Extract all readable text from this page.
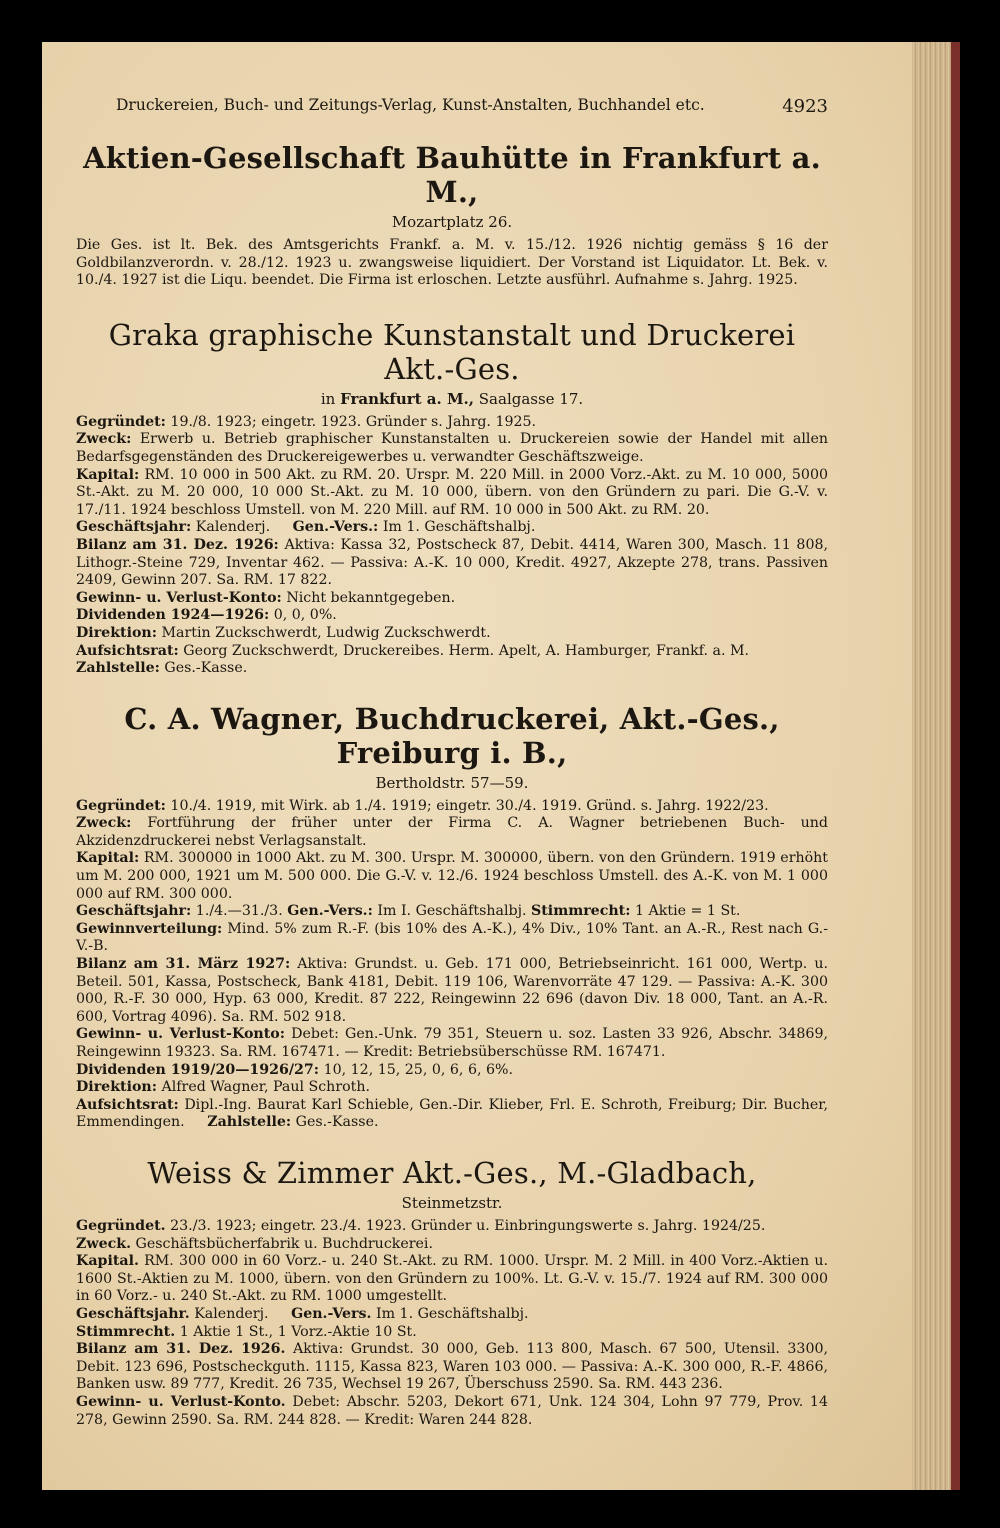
Druckereien, Buch- und Zeitungs-Verlag, Kunst-Anstalten, Buchhandel etc.	4923
Aktien-Gesellschaft Bauhütte in Frankfurt a. M.,
Mozartplatz 26.

Die Ges. ist lt. Bek. des Amtsgerichts Frankf. a. M. v. 15./12. 1926 nichtig gemäss § 16 der Goldbilanzverordn. v. 28./12. 1923 u. zwangsweise liquidiert. Der Vorstand ist Liquidator. Lt. Bek. v. 10./4. 1927 ist die Liqu. beendet. Die Firma ist erloschen. Letzte ausführl. Aufnahme s. Jahrg. 1925.

Graka graphische Kunstanstalt und Druckerei Akt.-Ges.
in Frankfurt a. M., Saalgasse 17.

Gegründet: 19./8. 1923; eingetr. 1923. Gründer s. Jahrg. 1925.

Zweck: Erwerb u. Betrieb graphischer Kunstanstalten u. Druckereien sowie der Handel mit allen Bedarfsgegenständen des Druckereigewerbes u. verwandter Geschäftszweige.

Kapital: RM. 10 000 in 500 Akt. zu RM. 20. Urspr. M. 220 Mill. in 2000 Vorz.-Akt. zu M. 10 000, 5000 St.-Akt. zu M. 20 000, 10 000 St.-Akt. zu M. 10 000, übern. von den Gründern zu pari. Die G.-V. v. 17./11. 1924 beschloss Umstell. von M. 220 Mill. auf RM. 10 000 in 500 Akt. zu RM. 20.

Geschäftsjahr: Kalenderj. Gen.-Vers.: Im 1. Geschäftshalbj.

Bilanz am 31. Dez. 1926: Aktiva: Kassa 32, Postscheck 87, Debit. 4414, Waren 300, Masch. 11 808, Lithogr.-Steine 729, Inventar 462. — Passiva: A.-K. 10 000, Kredit. 4927, Akzepte 278, trans. Passiven 2409, Gewinn 207. Sa. RM. 17 822.

Gewinn- u. Verlust-Konto: Nicht bekanntgegeben.

Dividenden 1924—1926: 0, 0, 0%.

Direktion: Martin Zuckschwerdt, Ludwig Zuckschwerdt.

Aufsichtsrat: Georg Zuckschwerdt, Druckereibes. Herm. Apelt, A. Hamburger, Frankf. a. M.

Zahlstelle: Ges.-Kasse.

C. A. Wagner, Buchdruckerei, Akt.-Ges., Freiburg i. B.,
Bertholdstr. 57—59.

Gegründet: 10./4. 1919, mit Wirk. ab 1./4. 1919; eingetr. 30./4. 1919. Gründ. s. Jahrg. 1922/23.

Zweck: Fortführung der früher unter der Firma C. A. Wagner betriebenen Buch- und Akzidenzdruckerei nebst Verlagsanstalt.

Kapital: RM. 300000 in 1000 Akt. zu M. 300. Urspr. M. 300000, übern. von den Gründern. 1919 erhöht um M. 200 000, 1921 um M. 500 000. Die G.-V. v. 12./6. 1924 beschloss Umstell. des A.-K. von M. 1 000 000 auf RM. 300 000.

Geschäftsjahr: 1./4.—31./3. Gen.-Vers.: Im I. Geschäftshalbj. Stimmrecht: 1 Aktie = 1 St.

Gewinnverteilung: Mind. 5% zum R.-F. (bis 10% des A.-K.), 4% Div., 10% Tant. an A.-R., Rest nach G.-V.-B.

Bilanz am 31. März 1927: Aktiva: Grundst. u. Geb. 171 000, Betriebseinricht. 161 000, Wertp. u. Beteil. 501, Kassa, Postscheck, Bank 4181, Debit. 119 106, Warenvorräte 47 129. — Passiva: A.-K. 300 000, R.-F. 30 000, Hyp. 63 000, Kredit. 87 222, Reingewinn 22 696 (davon Div. 18 000, Tant. an A.-R. 600, Vortrag 4096). Sa. RM. 502 918.

Gewinn- u. Verlust-Konto: Debet: Gen.-Unk. 79 351, Steuern u. soz. Lasten 33 926, Abschr. 34869, Reingewinn 19323. Sa. RM. 167471. — Kredit: Betriebsüberschüsse RM. 167471.

Dividenden 1919/20—1926/27: 10, 12, 15, 25, 0, 6, 6, 6%.

Direktion: Alfred Wagner, Paul Schroth.

Aufsichtsrat: Dipl.-Ing. Baurat Karl Schieble, Gen.-Dir. Klieber, Frl. E. Schroth, Freiburg; Dir. Bucher, Emmendingen. Zahlstelle: Ges.-Kasse.

Weiss & Zimmer Akt.-Ges., M.-Gladbach,
Steinmetzstr.

Gegründet. 23./3. 1923; eingetr. 23./4. 1923. Gründer u. Einbringungswerte s. Jahrg. 1924/25.

Zweck. Geschäftsbücherfabrik u. Buchdruckerei.

Kapital. RM. 300 000 in 60 Vorz.- u. 240 St.-Akt. zu RM. 1000. Urspr. M. 2 Mill. in 400 Vorz.-Aktien u. 1600 St.-Aktien zu M. 1000, übern. von den Gründern zu 100%. Lt. G.-V. v. 15./7. 1924 auf RM. 300 000 in 60 Vorz.- u. 240 St.-Akt. zu RM. 1000 umgestellt.

Geschäftsjahr. Kalenderj. Gen.-Vers. Im 1. Geschäftshalbj.

Stimmrecht. 1 Aktie 1 St., 1 Vorz.-Aktie 10 St.

Bilanz am 31. Dez. 1926. Aktiva: Grundst. 30 000, Geb. 113 800, Masch. 67 500, Utensil. 3300, Debit. 123 696, Postscheckguth. 1115, Kassa 823, Waren 103 000. — Passiva: A.-K. 300 000, R.-F. 4866, Banken usw. 89 777, Kredit. 26 735, Wechsel 19 267, Überschuss 2590. Sa. RM. 443 236.

Gewinn- u. Verlust-Konto. Debet: Abschr. 5203, Dekort 671, Unk. 124 304, Lohn 97 779, Prov. 14 278, Gewinn 2590. Sa. RM. 244 828. — Kredit: Waren 244 828.
